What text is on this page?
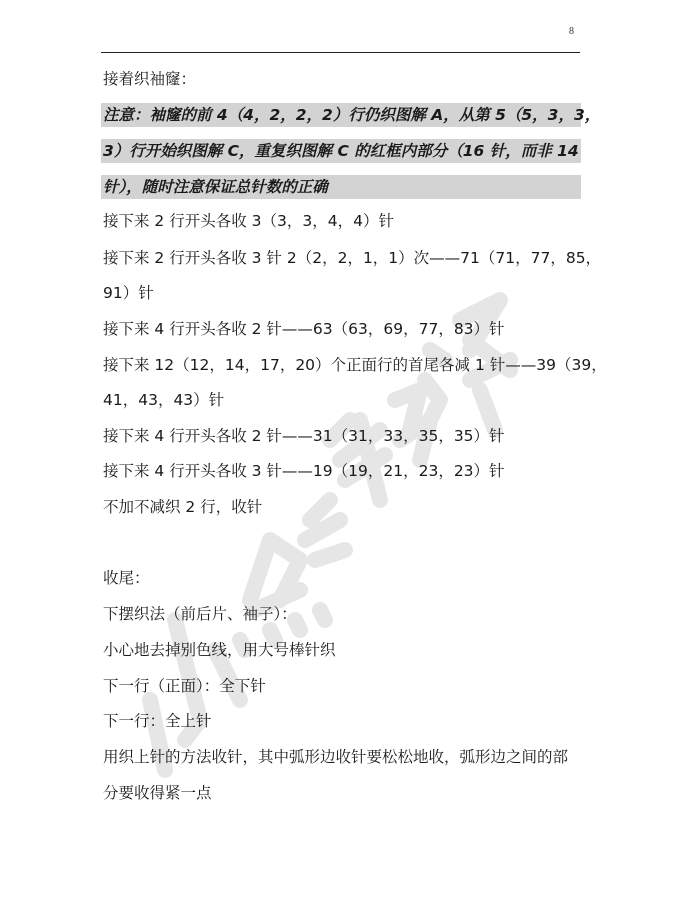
8
接着织袖窿：
注意：袖窿的前 4（4，2，2，2）行仍织图解 A，从第 5（5，3，3，
3）行开始织图解 C，重复织图解 C 的红框内部分（16 针，而非 14
针），随时注意保证总针数的正确
接下来 2 行开头各收 3（3，3，4，4）针
接下来 2 行开头各收 3 针 2（2，2，1，1）次——71（71，77，85，
91）针
接下来 4 行开头各收 2 针——63（63，69，77，83）针
接下来 12（12，14，17，20）个正面行的首尾各减 1 针——39（39，
41，43，43）针
接下来 4 行开头各收 2 针——31（31，33，35，35）针
接下来 4 行开头各收 3 针——19（19，21，23，23）针
不加不减织 2 行，收针
收尾：
下摆织法（前后片、袖子）：
小心地去掉别色线，用大号棒针织
下一行（正面）：全下针
下一行：全上针
用织上针的方法收针，其中弧形边收针要松松地收，弧形边之间的部
分要收得紧一点
